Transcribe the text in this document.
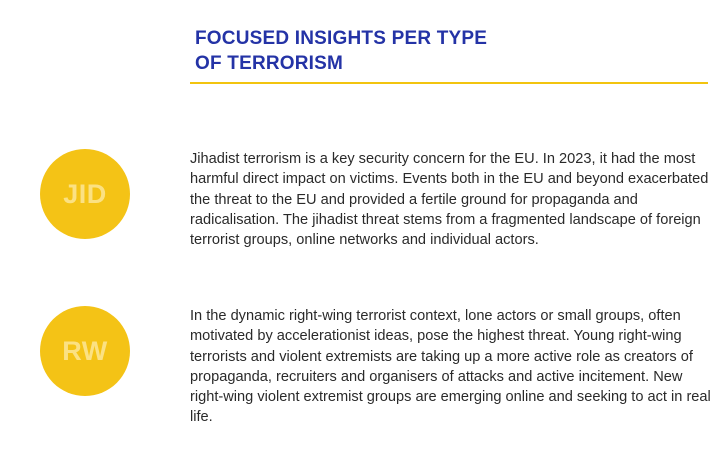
FOCUSED INSIGHTS PER TYPE
OF TERRORISM
JID

Jihadist terrorism is a key security concern for the EU. In 2023, it had the most harmful direct impact on victims. Events both in the EU and beyond exacerbated the threat to the EU and provided a fertile ground for propaganda and radicalisation. The jihadist threat stems from a fragmented landscape of foreign terrorist groups, online networks and individual actors.

RW

In the dynamic right-wing terrorist context, lone actors or small groups, often motivated by accelerationist ideas, pose the highest threat. Young right-wing terrorists and violent extremists are taking up a more active role as creators of propaganda, recruiters and organisers of attacks and active incitement. New right-wing violent extremist groups are emerging online and seeking to act in real life.
